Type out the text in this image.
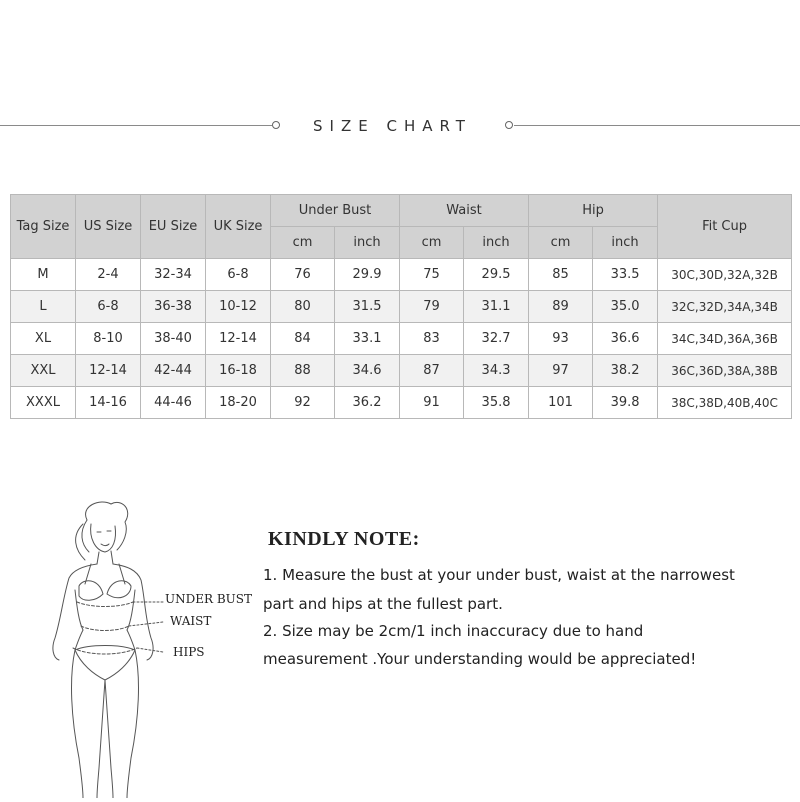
SIZE CHART
Tag Size	US Size	EU Size	UK Size	Under Bust		Waist		Hip		Fit Cup
				cm	inch	cm	inch	cm	inch	
M	2-4	32-34	6-8	76	29.9	75	29.5	85	33.5	30C,30D,32A,32B
L	6-8	36-38	10-12	80	31.5	79	31.1	89	35.0	32C,32D,34A,34B
XL	8-10	38-40	12-14	84	33.1	83	32.7	93	36.6	34C,34D,36A,36B
XXL	12-14	42-44	16-18	88	34.6	87	34.3	97	38.2	36C,36D,38A,38B
XXXL	14-16	44-46	18-20	92	36.2	91	35.8	101	39.8	38C,38D,40B,40C
UNDER BUST
WAIST
HIPS
KINDLY NOTE:
1. Measure the bust at your under bust, waist at the narrowest
part and hips at the fullest part.
2. Size may be 2cm/1 inch inaccuracy due to hand
measurement .Your understanding would be appreciated!
